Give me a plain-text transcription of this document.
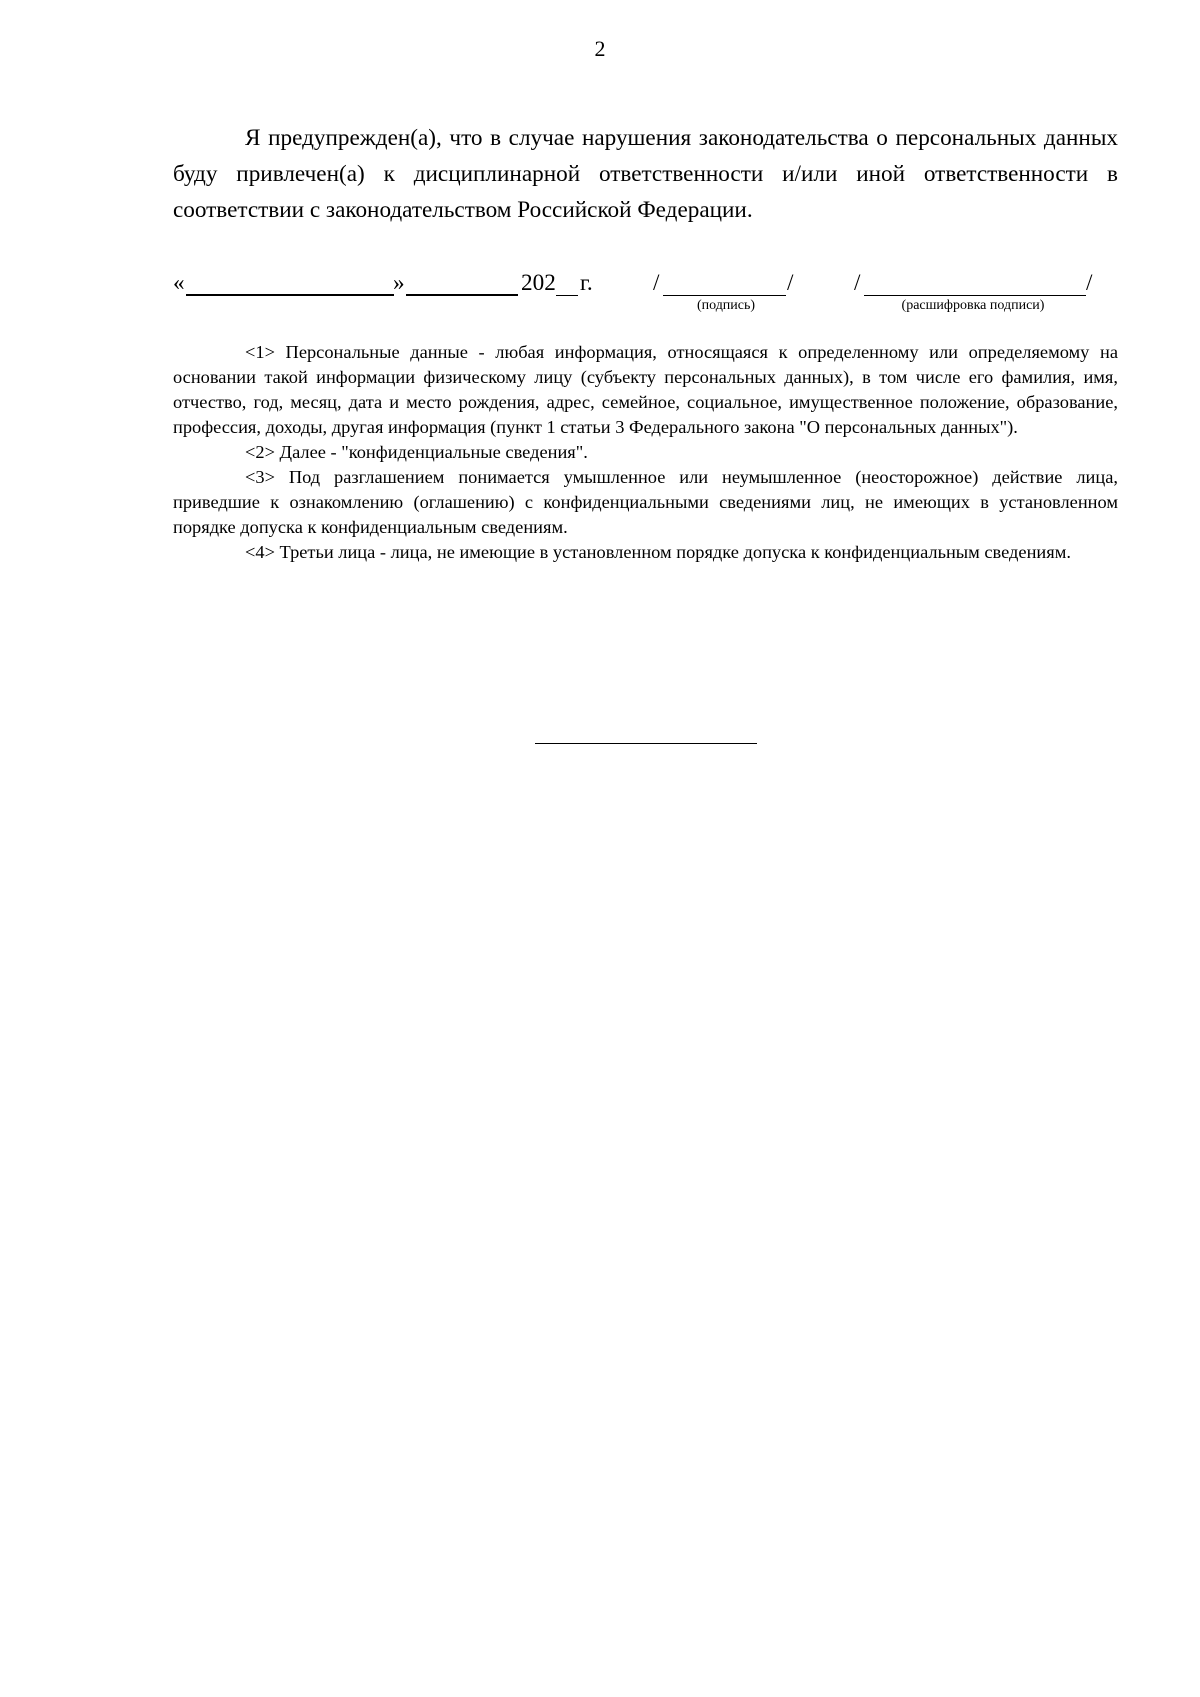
2

Я предупрежден(а), что в случае нарушения законодательства о персональных данных буду привлечен(а) к дисциплинарной ответственности и/или иной ответственности в соответствии с законодательством Российской Федерации.

«	»	202 г.	/	/
(подпись)
/	/
(расшифровка подписи)

<1> Персональные данные - любая информация, относящаяся к определенному или определяемому на основании такой информации физическому лицу (субъекту персональных данных), в том числе его фамилия, имя, отчество, год, месяц, дата и место рождения, адрес, семейное, социальное, имущественное положение, образование, профессия, доходы, другая информация (пункт 1 статьи 3 Федерального закона "О персональных данных").

<2> Далее - "конфиденциальные сведения".

<3> Под разглашением понимается умышленное или неумышленное (неосторожное) действие лица, приведшие к ознакомлению (оглашению) с конфиденциальными сведениями лиц, не имеющих в установленном порядке допуска к конфиденциальным сведениям.

<4> Третьи лица - лица, не имеющие в установленном порядке допуска к конфиденциальным сведениям.
